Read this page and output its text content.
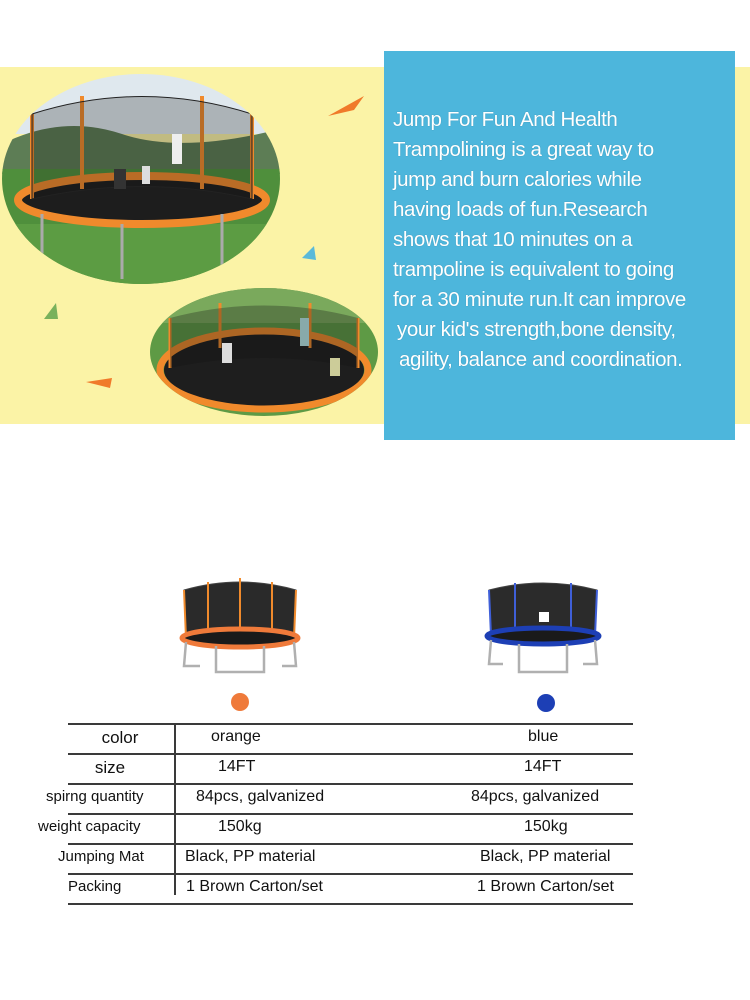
Jump For Fun And Health
Trampolining is a great way to
jump and burn calories while
having loads of fun.Research
shows that 10 minutes on a
trampoline is equivalent to going
for a 30 minute run.It can improve
your kid's strength,bone density,
agility, balance and coordination.
color	orange	blue
size	14FT	14FT
spirng quantity	84pcs, galvanized	84pcs, galvanized
weight capacity	150kg	150kg
Jumping Mat	Black, PP material	Black, PP material
Packing	1 Brown Carton/set	1 Brown Carton/set
